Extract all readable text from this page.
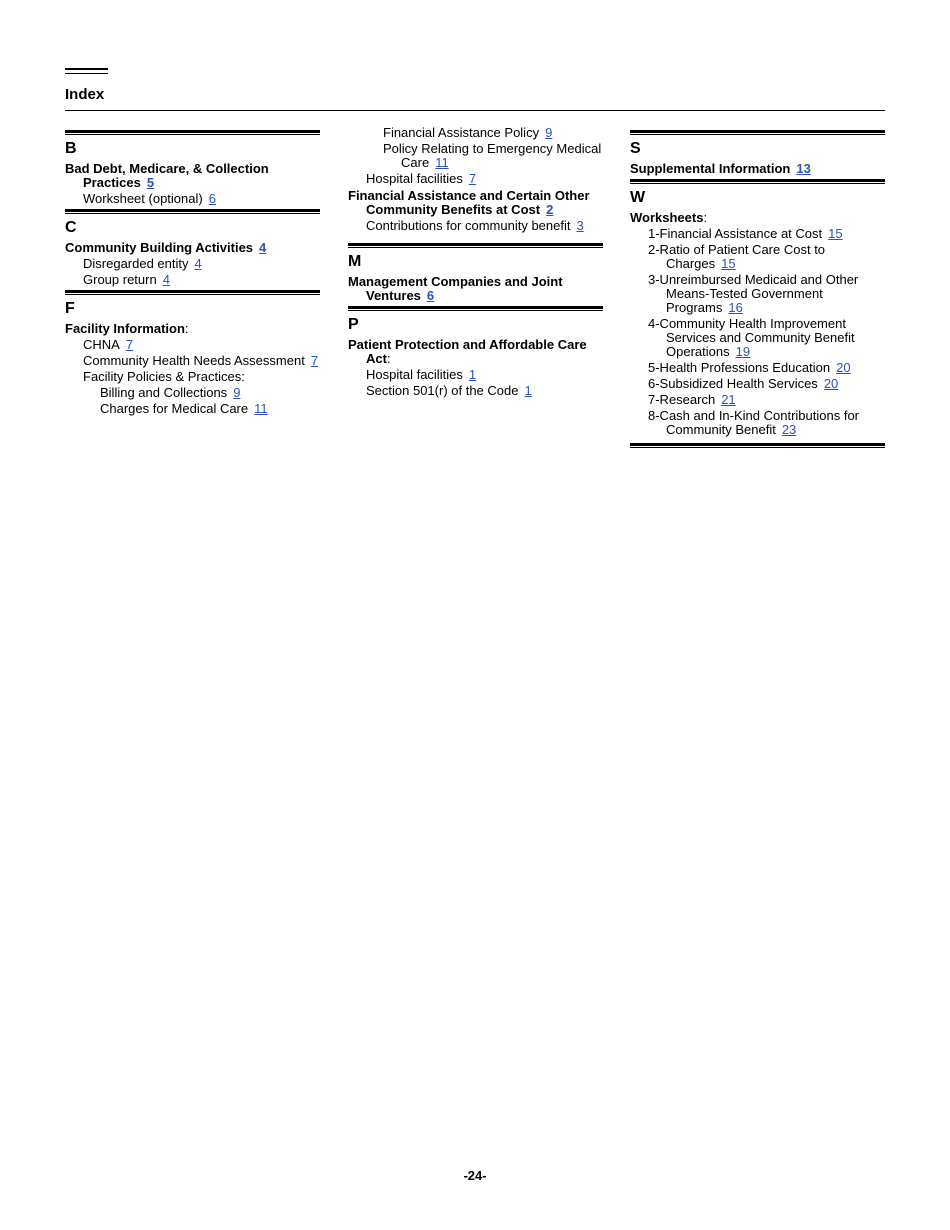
Index
B
Bad Debt, Medicare, & Collection Practices 5
Worksheet (optional) 6
C
Community Building Activities 4
Disregarded entity 4
Group return 4
F
Facility Information:
CHNA 7
Community Health Needs Assessment 7
Facility Policies & Practices:
Billing and Collections 9
Charges for Medical Care 11
Financial Assistance Policy 9
Policy Relating to Emergency Medical Care 11
Hospital facilities 7
Financial Assistance and Certain Other Community Benefits at Cost 2
Contributions for community benefit 3
M
Management Companies and Joint Ventures 6
P
Patient Protection and Affordable Care Act:
Hospital facilities 1
Section 501(r) of the Code 1
S
Supplemental Information 13
W
Worksheets:
1-Financial Assistance at Cost 15
2-Ratio of Patient Care Cost to Charges 15
3-Unreimbursed Medicaid and Other Means-Tested Government Programs 16
4-Community Health Improvement Services and Community Benefit Operations 19
5-Health Professions Education 20
6-Subsidized Health Services 20
7-Research 21
8-Cash and In-Kind Contributions for Community Benefit 23
-24-
